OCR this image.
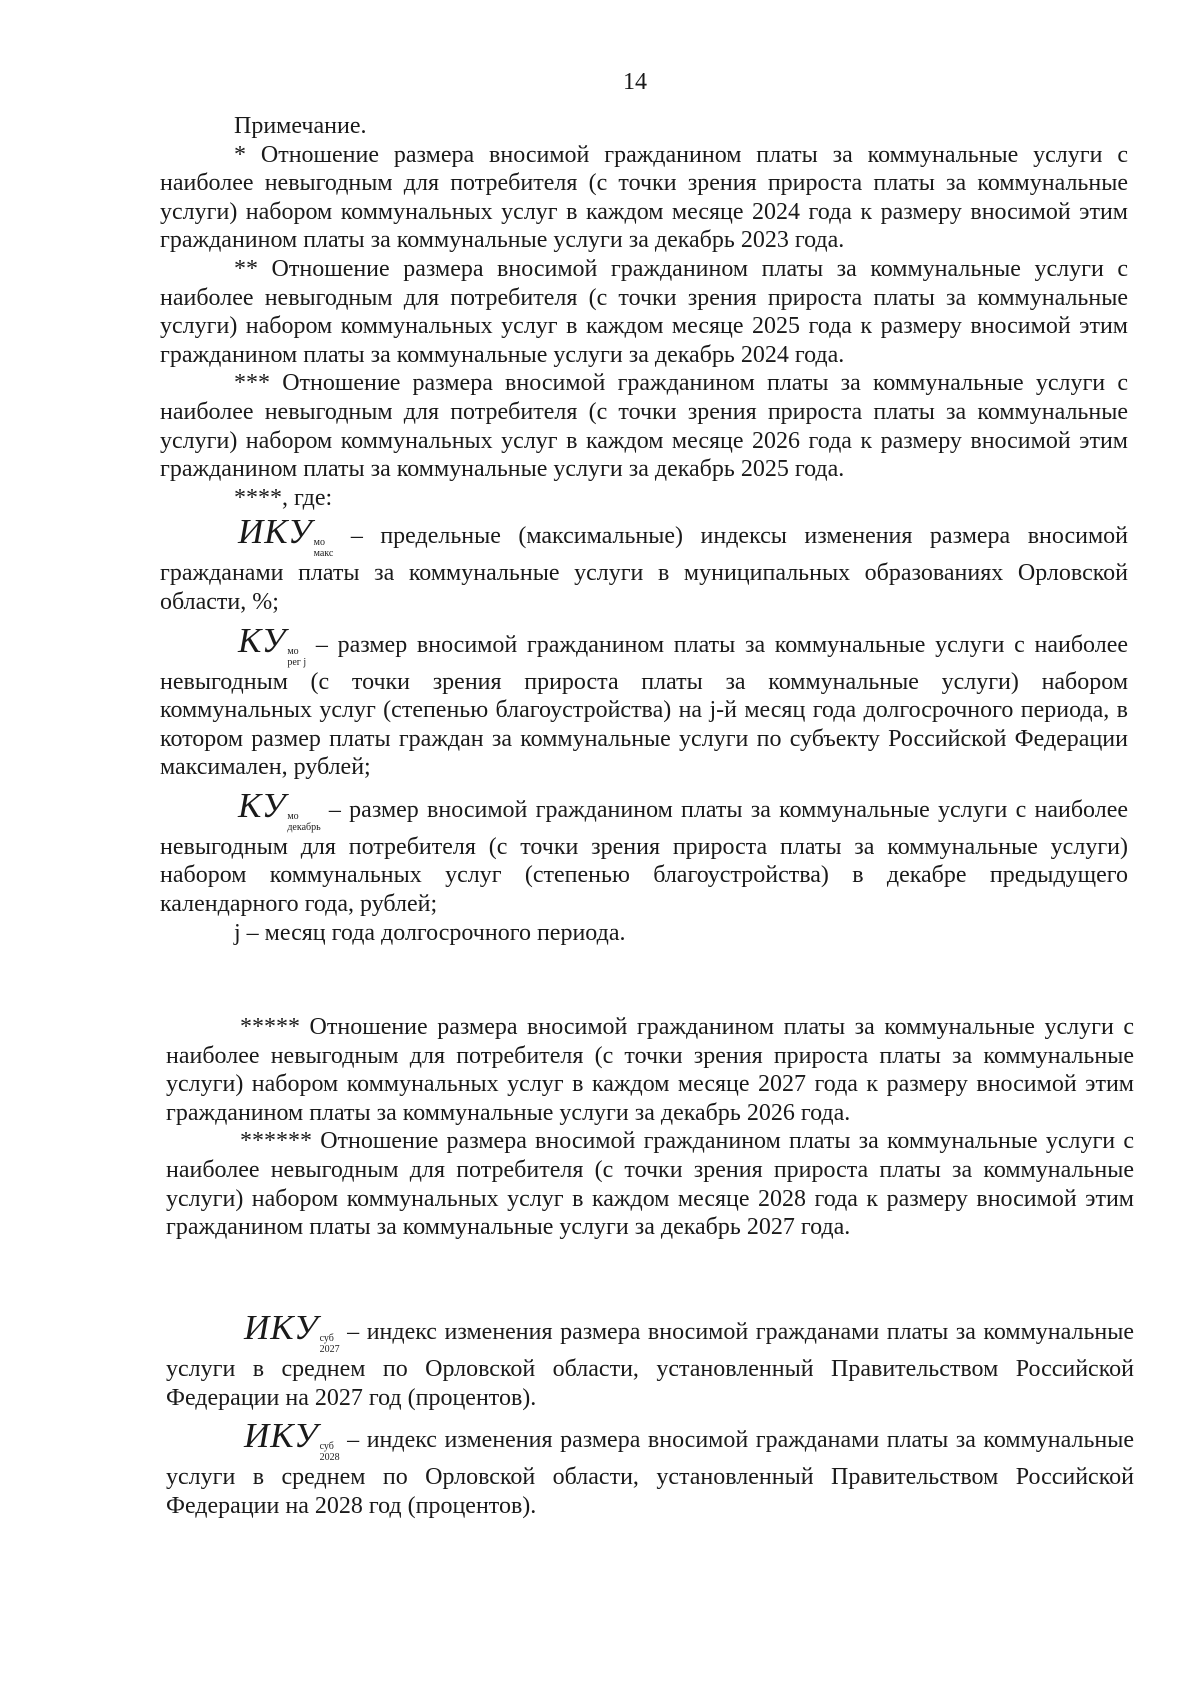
14

Примечание.

* Отношение размера вносимой гражданином платы за коммунальные услуги с наиболее невыгодным для потребителя (с точки зрения прироста платы за коммунальные услуги) набором коммунальных услуг в каждом месяце 2024 года к размеру вносимой этим гражданином платы за коммунальные услуги за декабрь 2023 года.

** Отношение размера вносимой гражданином платы за коммунальные услуги с наиболее невыгодным для потребителя (с точки зрения прироста платы за коммунальные услуги) набором коммунальных услуг в каждом месяце 2025 года к размеру вносимой этим гражданином платы за коммунальные услуги за декабрь 2024 года.

*** Отношение размера вносимой гражданином платы за коммунальные услуги с наиболее невыгодным для потребителя (с точки зрения прироста платы за коммунальные услуги) набором коммунальных услуг в каждом месяце 2026 года к размеру вносимой этим гражданином платы за коммунальные услуги за декабрь 2025 года.

****, где:

ИКУ мо
макс
– предельные (максимальные) индексы изменения размера вносимой гражданами платы за коммунальные услуги в муниципальных образованиях Орловской области, %;

КУ мо
рег j
– размер вносимой гражданином платы за коммунальные услуги с наиболее невыгодным (с точки зрения прироста платы за коммунальные услуги) набором коммунальных услуг (степенью благоустройства) на j-й месяц года долгосрочного периода, в котором размер платы граждан за коммунальные услуги по субъекту Российской Федерации максимален, рублей;

КУ мо
декабрь
– размер вносимой гражданином платы за коммунальные услуги с наиболее невыгодным для потребителя (с точки зрения прироста платы за коммунальные услуги) набором коммунальных услуг (степенью благоустройства) в декабре предыдущего календарного года, рублей;

j – месяц года долгосрочного периода.

***** Отношение размера вносимой гражданином платы за коммунальные услуги с наиболее невыгодным для потребителя (с точки зрения прироста платы за коммунальные услуги) набором коммунальных услуг в каждом месяце 2027 года к размеру вносимой этим гражданином платы за коммунальные услуги за декабрь 2026 года.

****** Отношение размера вносимой гражданином платы за коммунальные услуги с наиболее невыгодным для потребителя (с точки зрения прироста платы за коммунальные услуги) набором коммунальных услуг в каждом месяце 2028 года к размеру вносимой этим гражданином платы за коммунальные услуги за декабрь 2027 года.

ИКУ суб
2027
– индекс изменения размера вносимой гражданами платы за коммунальные услуги в среднем по Орловской области, установленный Правительством Российской Федерации на 2027 год (процентов).

ИКУ суб
2028
– индекс изменения размера вносимой гражданами платы за коммунальные услуги в среднем по Орловской области, установленный Правительством Российской Федерации на 2028 год (процентов).
